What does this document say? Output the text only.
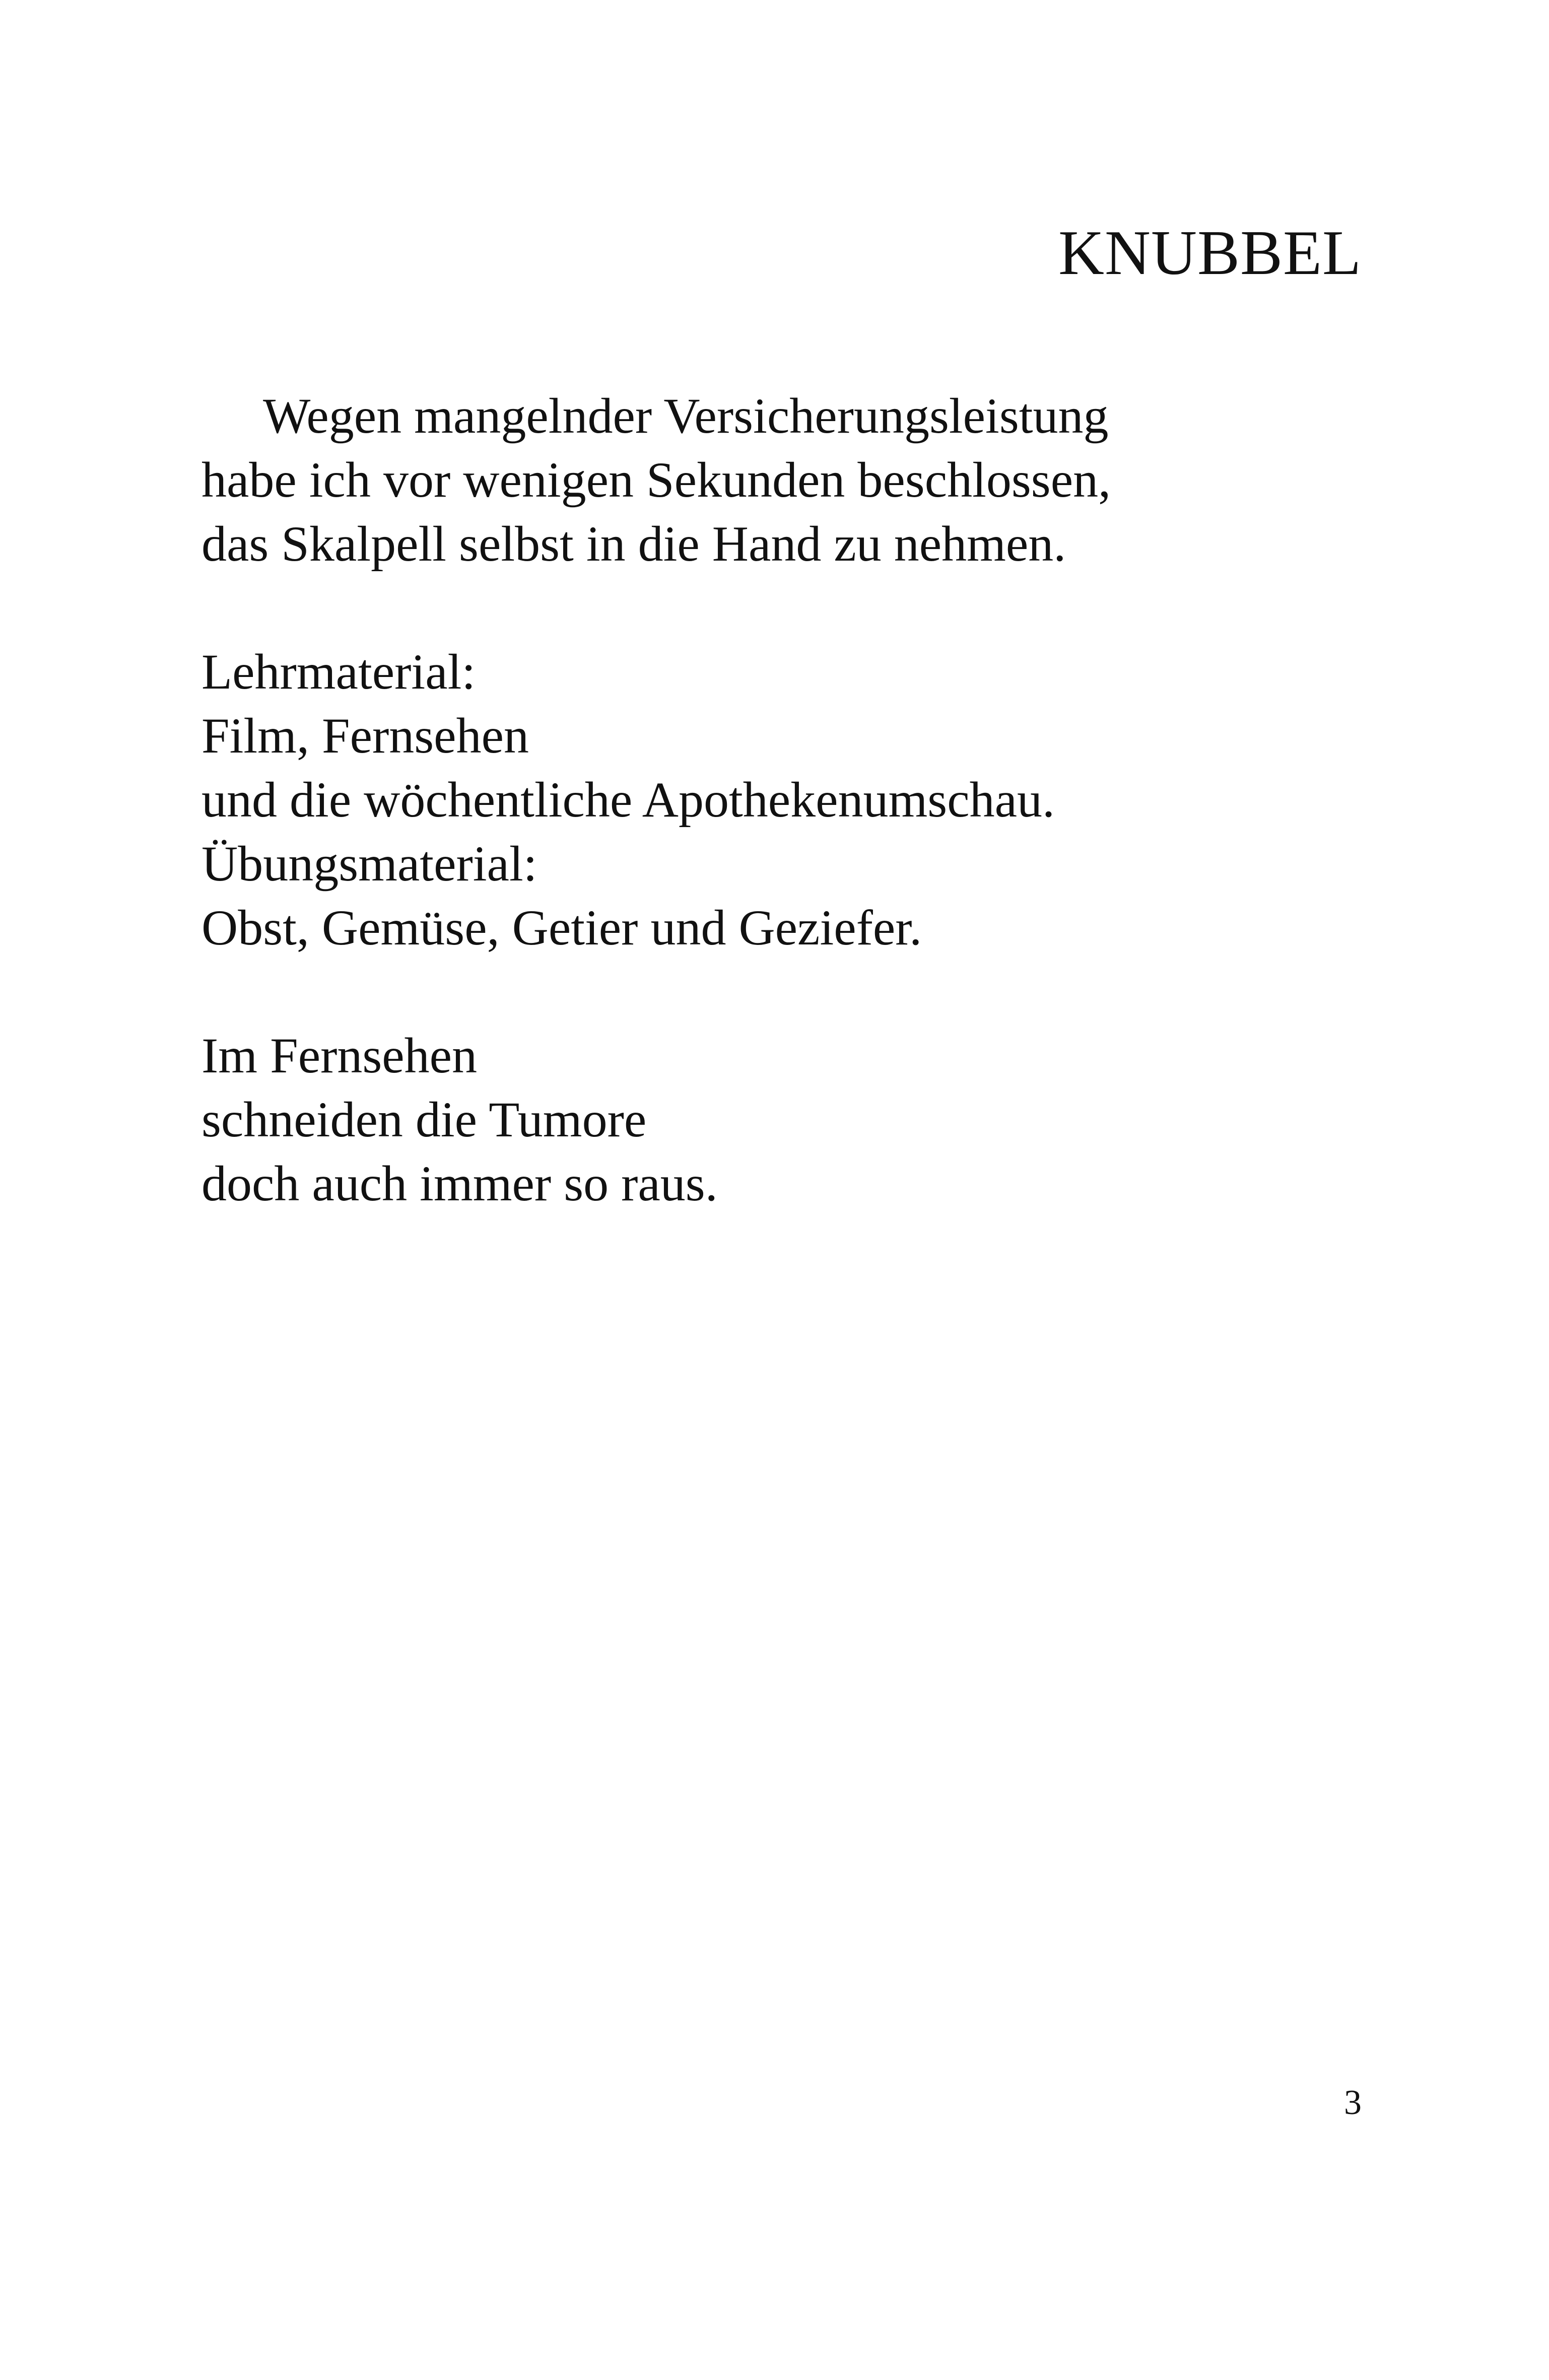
KNUBBEL
Wegen mangelnder Versicherungsleistung
habe ich vor wenigen Sekunden beschlossen,
das Skalpell selbst in die Hand zu nehmen.
Lehrmaterial:
Film, Fernsehen
und die wöchentliche Apothekenumschau.
Übungsmaterial:
Obst, Gemüse, Getier und Geziefer.
Im Fernsehen
schneiden die Tumore
doch auch immer so raus.
3
